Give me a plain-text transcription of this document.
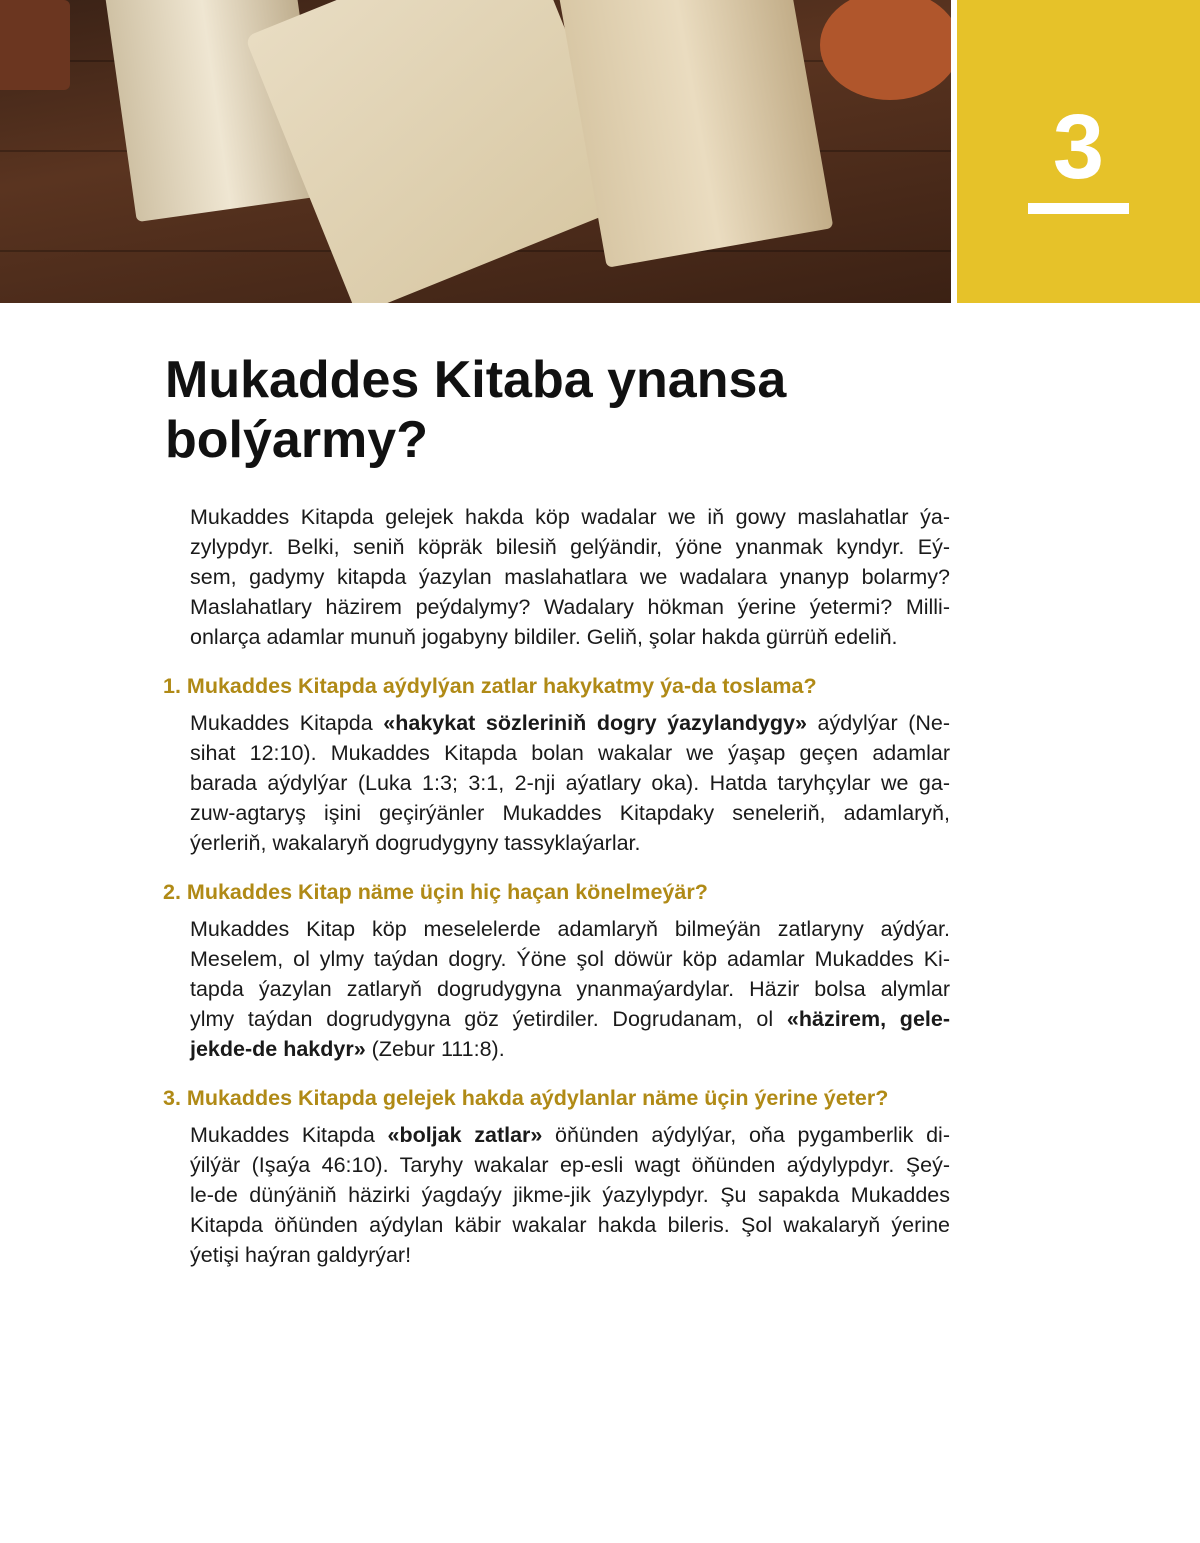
3
Mukaddes Kitaba ynansa
bolýarmy?
Mukaddes Kitapda gelejek hakda köp wadalar we iň gowy maslahatlar ýa-
zylypdyr. Belki, seniň köpräk bilesiň gelýändir, ýöne ynanmak kyndyr. Eý-
sem, gadymy kitapda ýazylan maslahatlara we wadalara ynanyp bolarmy?
Maslahatlary häzirem peýdalymy? Wadalary hökman ýerine ýetermi? Milli-
onlarça adamlar munuň jogabyny bildiler. Geliň, şolar hakda gürrüň edeliň.
1. Mukaddes Kitapda aýdylýan zatlar hakykatmy ýa-da toslama?
Mukaddes Kitapda «hakykat sözleriniň dogry ýazylandygy» aýdylýar (Ne-
sihat 12:10). Mukaddes Kitapda bolan wakalar we ýaşap geçen adamlar
barada aýdylýar (Luka 1:3; 3:1, 2-nji aýatlary oka). Hatda taryhçylar we ga-
zuw-agtaryş işini geçirýänler Mukaddes Kitapdaky seneleriň, adamlaryň,
ýerleriň, wakalaryň dogrudygyny tassyklaýarlar.
2. Mukaddes Kitap näme üçin hiç haçan könelmeýär?
Mukaddes Kitap köp meselelerde adamlaryň bilmeýän zatlaryny aýdýar.
Meselem, ol ylmy taýdan dogry. Ýöne şol döwür köp adamlar Mukaddes Ki-
tapda ýazylan zatlaryň dogrudygyna ynanmaýardylar. Häzir bolsa alymlar
ylmy taýdan dogrudygyna göz ýetirdiler. Dogrudanam, ol «häzirem, gele-
jekde-de hakdyr» (Zebur 111:8).
3. Mukaddes Kitapda gelejek hakda aýdylanlar näme üçin ýerine ýeter?
Mukaddes Kitapda «boljak zatlar» öňünden aýdylýar, oňa pygamberlik di-
ýilýär (Işaýa 46:10). Taryhy wakalar ep-esli wagt öňünden aýdylypdyr. Şeý-
le-de dünýäniň häzirki ýagdaýy jikme-jik ýazylypdyr. Şu sapakda Mukaddes
Kitapda öňünden aýdylan käbir wakalar hakda bileris. Şol wakalaryň ýerine
ýetişi haýran galdyrýar!
